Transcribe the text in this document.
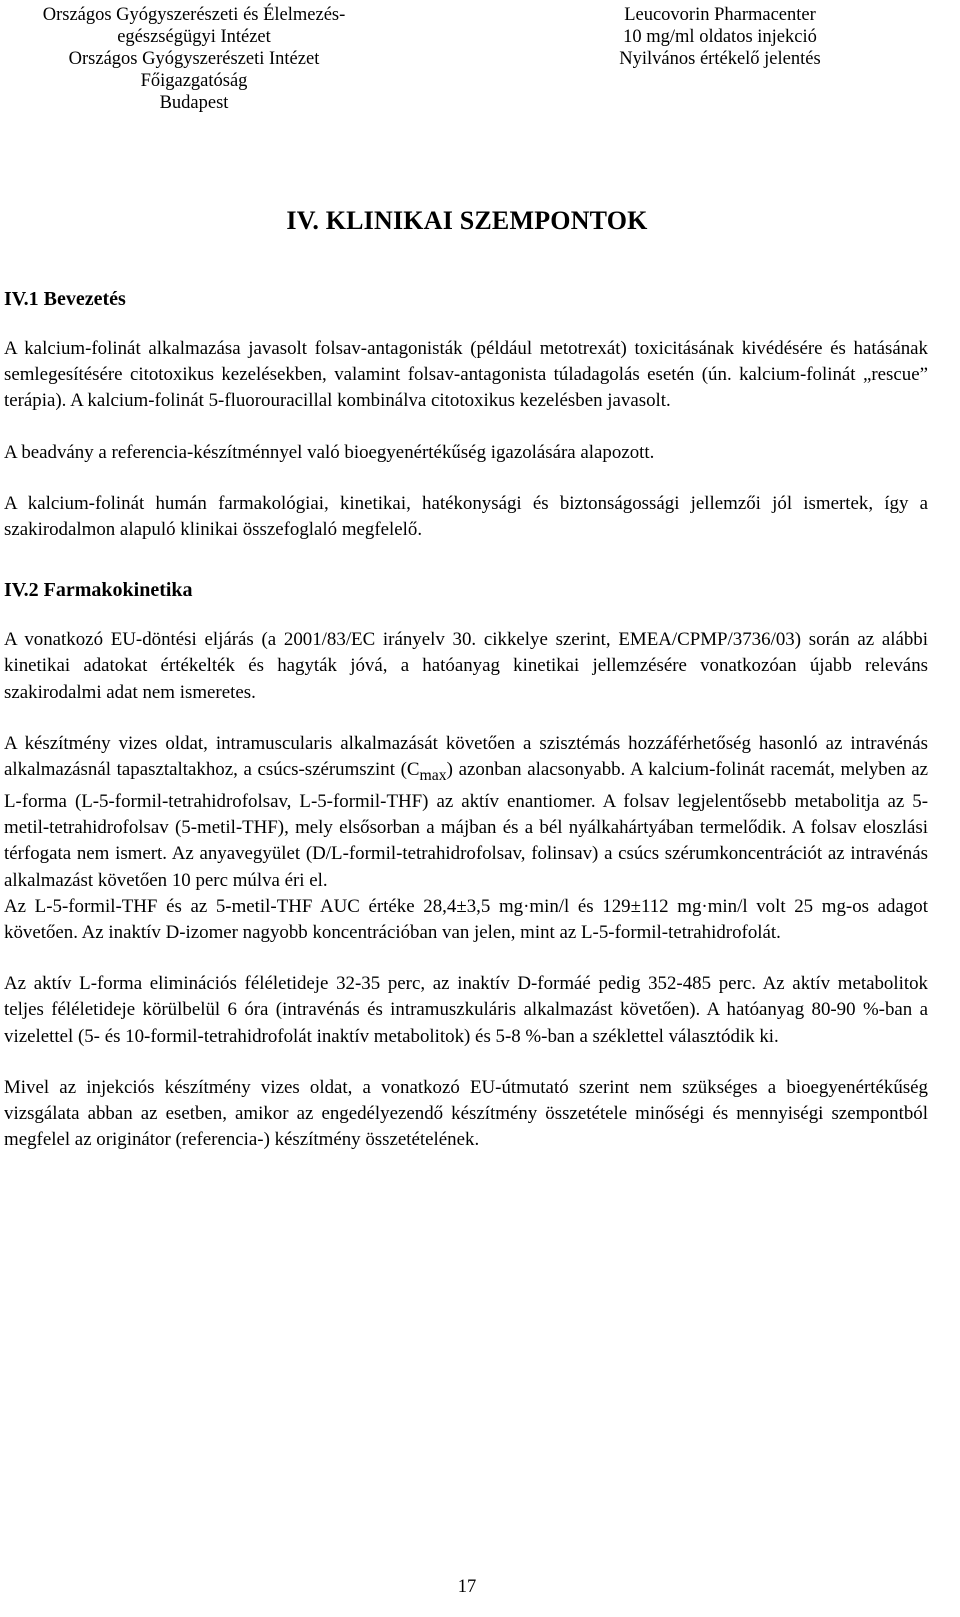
Országos Gyógyszerészeti és Élelmezés-
egészségügyi Intézet
Országos Gyógyszerészeti Intézet
Főigazgatóság
Budapest
Leucovorin Pharmacenter
10 mg/ml oldatos injekció
Nyilvános értékelő jelentés
IV. KLINIKAI SZEMPONTOK
IV.1 Bevezetés

A kalcium-folinát alkalmazása javasolt folsav-antagonisták (például metotrexát) toxicitásának kivédésére és hatásának semlegesítésére citotoxikus kezelésekben, valamint folsav-antagonista túladagolás esetén (ún. kalcium-folinát „rescue” terápia). A kalcium-folinát 5-fluorouracillal kombinálva citotoxikus kezelésben javasolt.

A beadvány a referencia-készítménnyel való bioegyenértékűség igazolására alapozott.

A kalcium-folinát humán farmakológiai, kinetikai, hatékonysági és biztonságossági jellemzői jól ismertek, így a szakirodalmon alapuló klinikai összefoglaló megfelelő.

IV.2 Farmakokinetika

A vonatkozó EU-döntési eljárás (a 2001/83/EC irányelv 30. cikkelye szerint, EMEA/CPMP/3736/03) során az alábbi kinetikai adatokat értékelték és hagyták jóvá, a hatóanyag kinetikai jellemzésére vonatkozóan újabb releváns szakirodalmi adat nem ismeretes.

A készítmény vizes oldat, intramuscularis alkalmazását követően a szisztémás hozzáférhetőség hasonló az intravénás alkalmazásnál tapasztaltakhoz, a csúcs-szérumszint $(C_{max})$ azonban alacsonyabb. A kalcium-folinát racemát, melyben az L-forma (L-5-formil-tetrahidrofolsav, L-5-formil-THF) az aktív enantiomer. A folsav legjelentősebb metabolitja az 5-metil-tetrahidrofolsav (5-metil-THF), mely elsősorban a májban és a bél nyálkahártyában termelődik. A folsav eloszlási térfogata nem ismert. Az anyavegyület (D/L-formil-tetrahidrofolsav, folinsav) a csúcs szérumkoncentrációt az intravénás alkalmazást követően 10 perc múlva éri el.

Az L-5-formil-THF és az 5-metil-THF AUC értéke 28,4±3,5 mg·min/l és 129±112 mg·min/l volt 25 mg-os adagot követően. Az inaktív D-izomer nagyobb koncentrációban van jelen, mint az L-5-formil-tetrahidrofolát.

Az aktív L-forma eliminációs féléletideje 32-35 perc, az inaktív D-formáé pedig 352-485 perc. Az aktív metabolitok teljes féléletideje körülbelül 6 óra (intravénás és intramuszkuláris alkalmazást követően). A hatóanyag 80-90 %-ban a vizelettel (5- és 10-formil-tetrahidrofolát inaktív metabolitok) és 5-8 %-ban a széklettel választódik ki.

Mivel az injekciós készítmény vizes oldat, a vonatkozó EU-útmutató szerint nem szükséges a bioegyenértékűség vizsgálata abban az esetben, amikor az engedélyezendő készítmény összetétele minőségi és mennyiségi szempontból megfelel az originátor (referencia-) készítmény összetételének.

17
